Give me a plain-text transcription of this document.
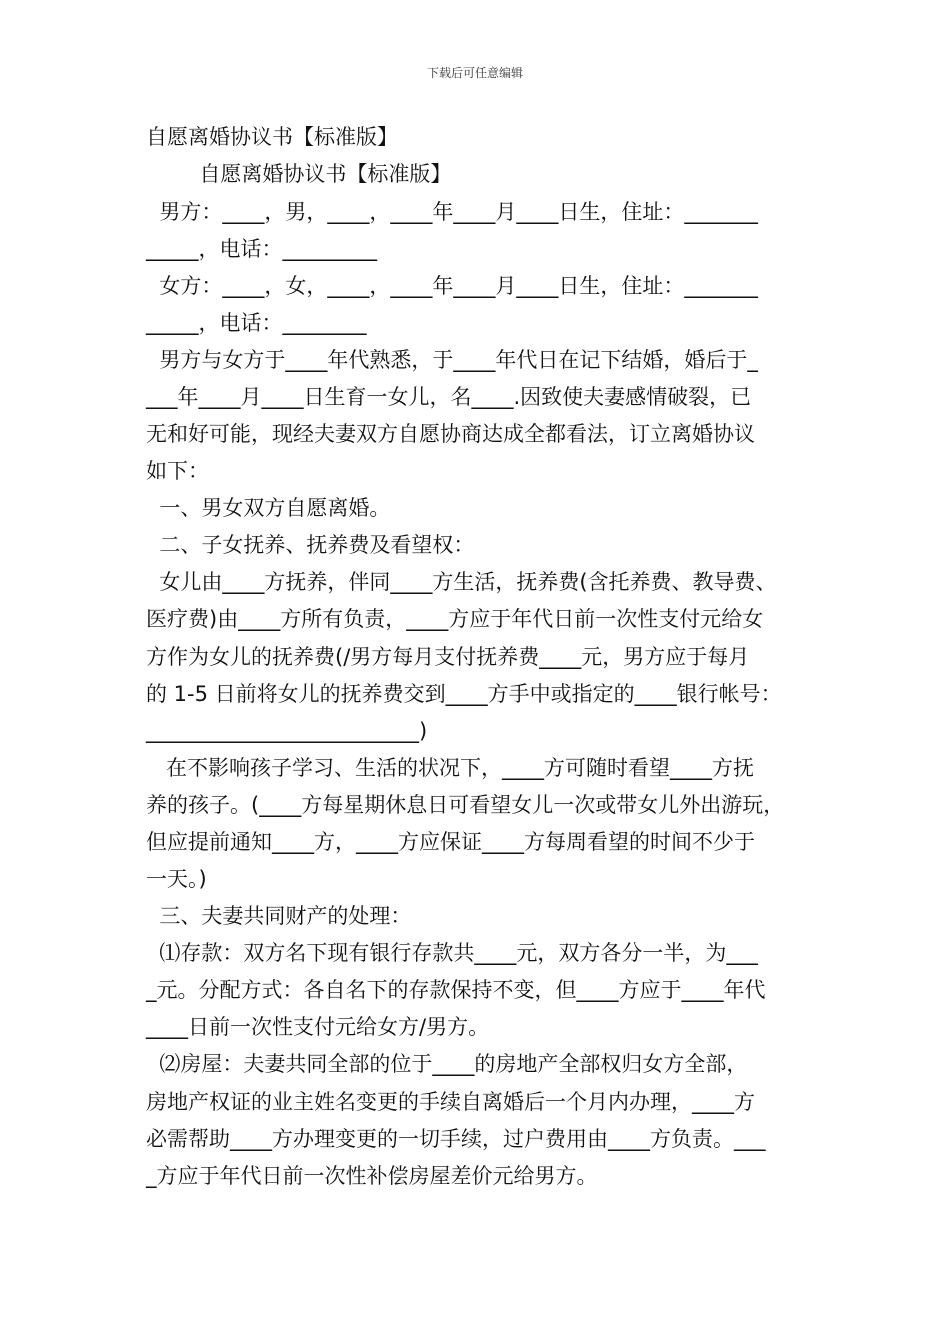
下载后可任意编辑
自愿离婚协议书【标准版】
自愿离婚协议书【标准版】
男方：____，男，____，____年____月____日生，住址：_______
_____，电话：_________
女方：____，女，____，____年____月____日生，住址：_______
_____，电话：________
男方与女方于____年代熟悉，于____年代日在记下结婚，婚后于_
___年____月____日生育一女儿，名____.因致使夫妻感情破裂，已
无和好可能，现经夫妻双方自愿协商达成全都看法，订立离婚协议
如下：
一、男女双方自愿离婚。
二、子女抚养、抚养费及看望权：
女儿由____方抚养，伴同____方生活，抚养费(含托养费、教导费、
医疗费)由____方所有负责，____方应于年代日前一次性支付元给女
方作为女儿的抚养费(/男方每月支付抚养费____元，男方应于每月
的 1-5 日前将女儿的抚养费交到____方手中或指定的____银行帐号：
__________________________)
在不影响孩子学习、生活的状况下，____方可随时看望____方抚
养的孩子。(____方每星期休息日可看望女儿一次或带女儿外出游玩，
但应提前通知____方，____方应保证____方每周看望的时间不少于
一天。)
三、夫妻共同财产的处理：
⑴存款：双方名下现有银行存款共____元，双方各分一半，为___
_元。分配方式：各自名下的存款保持不变，但____方应于____年代
____日前一次性支付元给女方/男方。
⑵房屋：夫妻共同全部的位于____的房地产全部权归女方全部，
房地产权证的业主姓名变更的手续自离婚后一个月内办理，____方
必需帮助____方办理变更的一切手续，过户费用由____方负责。___
_方应于年代日前一次性补偿房屋差价元给男方。
